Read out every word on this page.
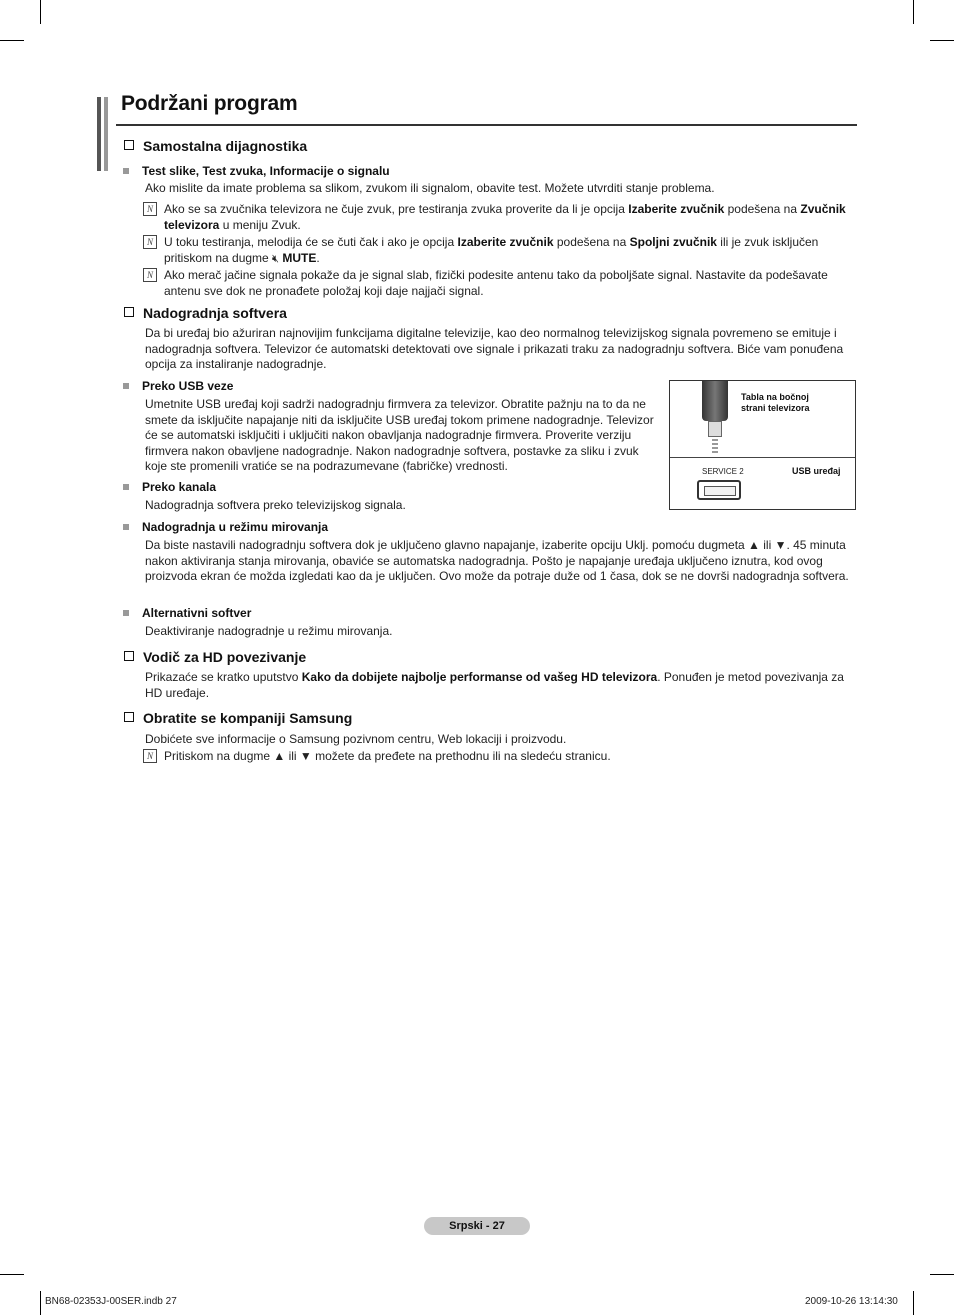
Podržani program
Samostalna dijagnostika
Test slike, Test zvuka, Informacije o signalu
Ako mislite da imate problema sa slikom, zvukom ili signalom, obavite test. Možete utvrditi stanje problema.
N Ako se sa zvučnika televizora ne čuje zvuk, pre testiranja zvuka proverite da li je opcija Izaberite zvučnik podešena na Zvučnik televizora u meniju Zvuk.
N U toku testiranja, melodija će se čuti čak i ako je opcija Izaberite zvučnik podešena na Spoljni zvučnik ili je zvuk isključen pritiskom na dugme 🔇︎ MUTE.
N Ako merač jačine signala pokaže da je signal slab, fizički podesite antenu tako da poboljšate signal. Nastavite da podešavate antenu sve dok ne pronađete položaj koji daje najjači signal.
Nadogradnja softvera
Da bi uređaj bio ažuriran najnovijim funkcijama digitalne televizije, kao deo normalnog televizijskog signala povremeno se emituje i nadogradnja softvera. Televizor će automatski detektovati ove signale i prikazati traku za nadogradnju softvera. Biće vam ponuđena opcija za instaliranje nadogradnje.
Preko USB veze
Umetnite USB uređaj koji sadrži nadogradnju firmvera za televizor. Obratite pažnju na to da ne smete da isključite napajanje niti da isključite USB uređaj tokom primene nadogradnje. Televizor će se automatski isključiti i uključiti nakon obavljanja nadogradnje firmvera. Proverite verziju firmvera nakon obavljene nadogradnje. Nakon nadogradnje softvera, postavke za sliku i zvuk koje ste promenili vratiće se na podrazumevane (fabričke) vrednosti.
Tabla na bočnoj
strani televizora
SERVICE 2	USB uređaj
Preko kanala
Nadogradnja softvera preko televizijskog signala.
Nadogradnja u režimu mirovanja
Da biste nastavili nadogradnju softvera dok je uključeno glavno napajanje, izaberite opciju Uklj. pomoću dugmeta ▲ ili ▼. 45 minuta nakon aktiviranja stanja mirovanja, obaviće se automatska nadogradnja. Pošto je napajanje uređaja uključeno iznutra, kod ovog proizvoda ekran će možda izgledati kao da je uključen. Ovo može da potraje duže od 1 časa, dok se ne dovrši nadogradnja softvera.
Alternativni softver
Deaktiviranje nadogradnje u režimu mirovanja.
Vodič za HD povezivanje
Prikazaće se kratko uputstvo Kako da dobijete najbolje performanse od vašeg HD televizora. Ponuđen je metod povezivanja za HD uređaje.
Obratite se kompaniji Samsung
Dobićete sve informacije o Samsung pozivnom centru, Web lokaciji i proizvodu.
N Pritiskom na dugme ▲ ili ▼ možete da pređete na prethodnu ili na sledeću stranicu.
Srpski - 27
BN68-02353J-00SER.indb 27	2009-10-26 13:14:30
